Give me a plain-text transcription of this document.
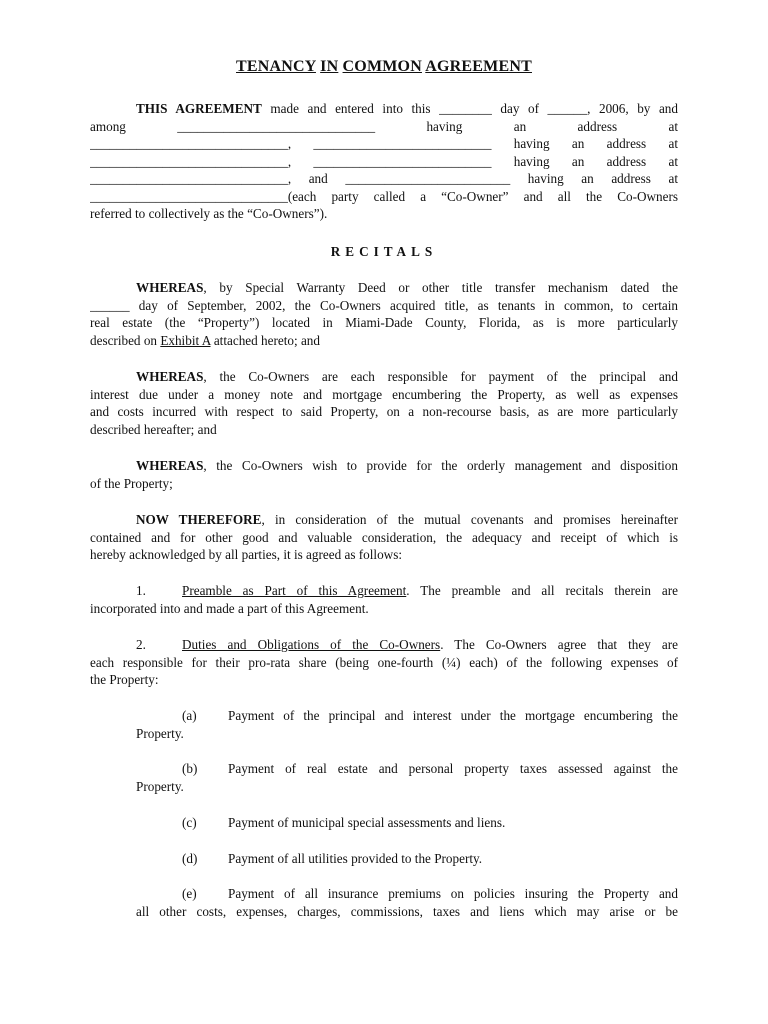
TENANCY IN COMMON AGREEMENT
THIS AGREEMENT made and entered into this ________ day of ______, 2006, by and
among ______________________________ having an address at
______________________________, ___________________________ having an address at
______________________________, ___________________________ having an address at
______________________________, and _________________________ having an address at
______________________________(each party called a “Co-Owner” and all the Co-Owners
referred to collectively as the “Co-Owners”).
RECITALS
WHEREAS, by Special Warranty Deed or other title transfer mechanism dated the
______ day of September, 2002, the Co-Owners acquired title, as tenants in common, to certain
real estate (the “Property”) located in Miami-Dade County, Florida, as is more particularly
described on Exhibit A attached hereto; and
WHEREAS, the Co-Owners are each responsible for payment of the principal and
interest due under a money note and mortgage encumbering the Property, as well as expenses
and costs incurred with respect to said Property, on a non-recourse basis, as are more particularly
described hereafter; and
WHEREAS, the Co-Owners wish to provide for the orderly management and disposition
of the Property;
NOW THEREFORE, in consideration of the mutual covenants and promises hereinafter
contained and for other good and valuable consideration, the adequacy and receipt of which is
hereby acknowledged by all parties, it is agreed as follows:
1.	Preamble as Part of this Agreement. The preamble and all recitals therein are
incorporated into and made a part of this Agreement.
2.	Duties and Obligations of the Co-Owners. The Co-Owners agree that they are
each responsible for their pro-rata share (being one-fourth (¼) each) of the following expenses of
the Property:
(a) Payment of the principal and interest under the mortgage encumbering the
Property.
(b) Payment of real estate and personal property taxes assessed against the
Property.
(c) Payment of municipal special assessments and liens.
(d) Payment of all utilities provided to the Property.
(e) Payment of all insurance premiums on policies insuring the Property and
all other costs, expenses, charges, commissions, taxes and liens which may arise or be
